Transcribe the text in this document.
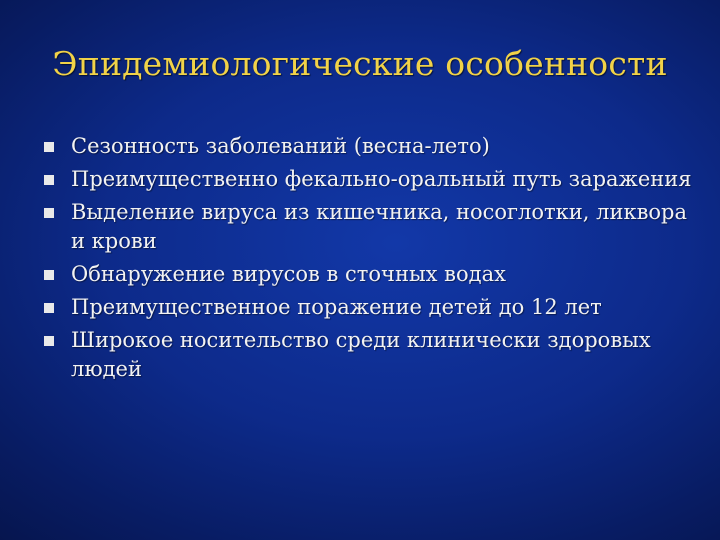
Эпидемиологические особенности
Сезонность заболеваний (весна-лето)
Преимущественно фекально-оральный путь заражения
Выделение вируса из кишечника, носоглотки, ликвора и крови
Обнаружение вирусов в сточных водах
Преимущественное поражение детей до 12 лет
Широкое носительство среди клинически здоровых людей
